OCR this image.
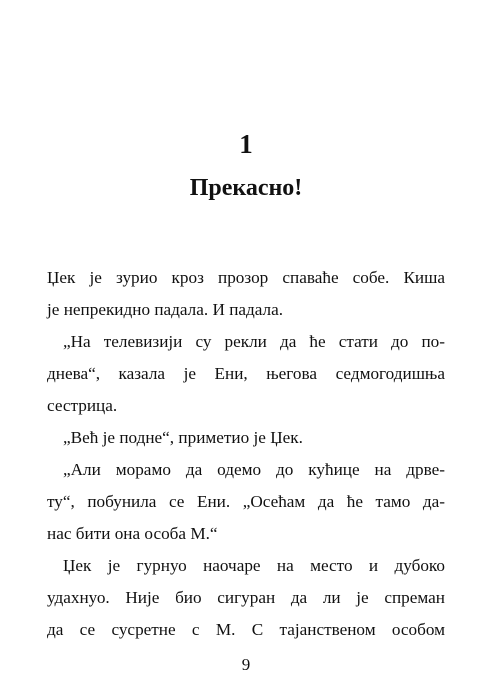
1
Прекасно!
Џек је зурио кроз прозор спаваће собе. Киша
је непрекидно падала. И падала.
„На телевизији су рекли да ће стати до по-
днева“, казала је Ени, његова седмогодишња
сестрица.
„Већ је подне“, приметио је Џек.
„Али морамо да одемо до кућице на дрве-
ту“, побунила се Ени. „Осећам да ће тамо да-
нас бити она особа М.“
Џек је гурнуо наочаре на место и дубоко
удахнуо. Није био сигуран да ли је спреман
да се сусретне с М. С тајанственом особом
9
